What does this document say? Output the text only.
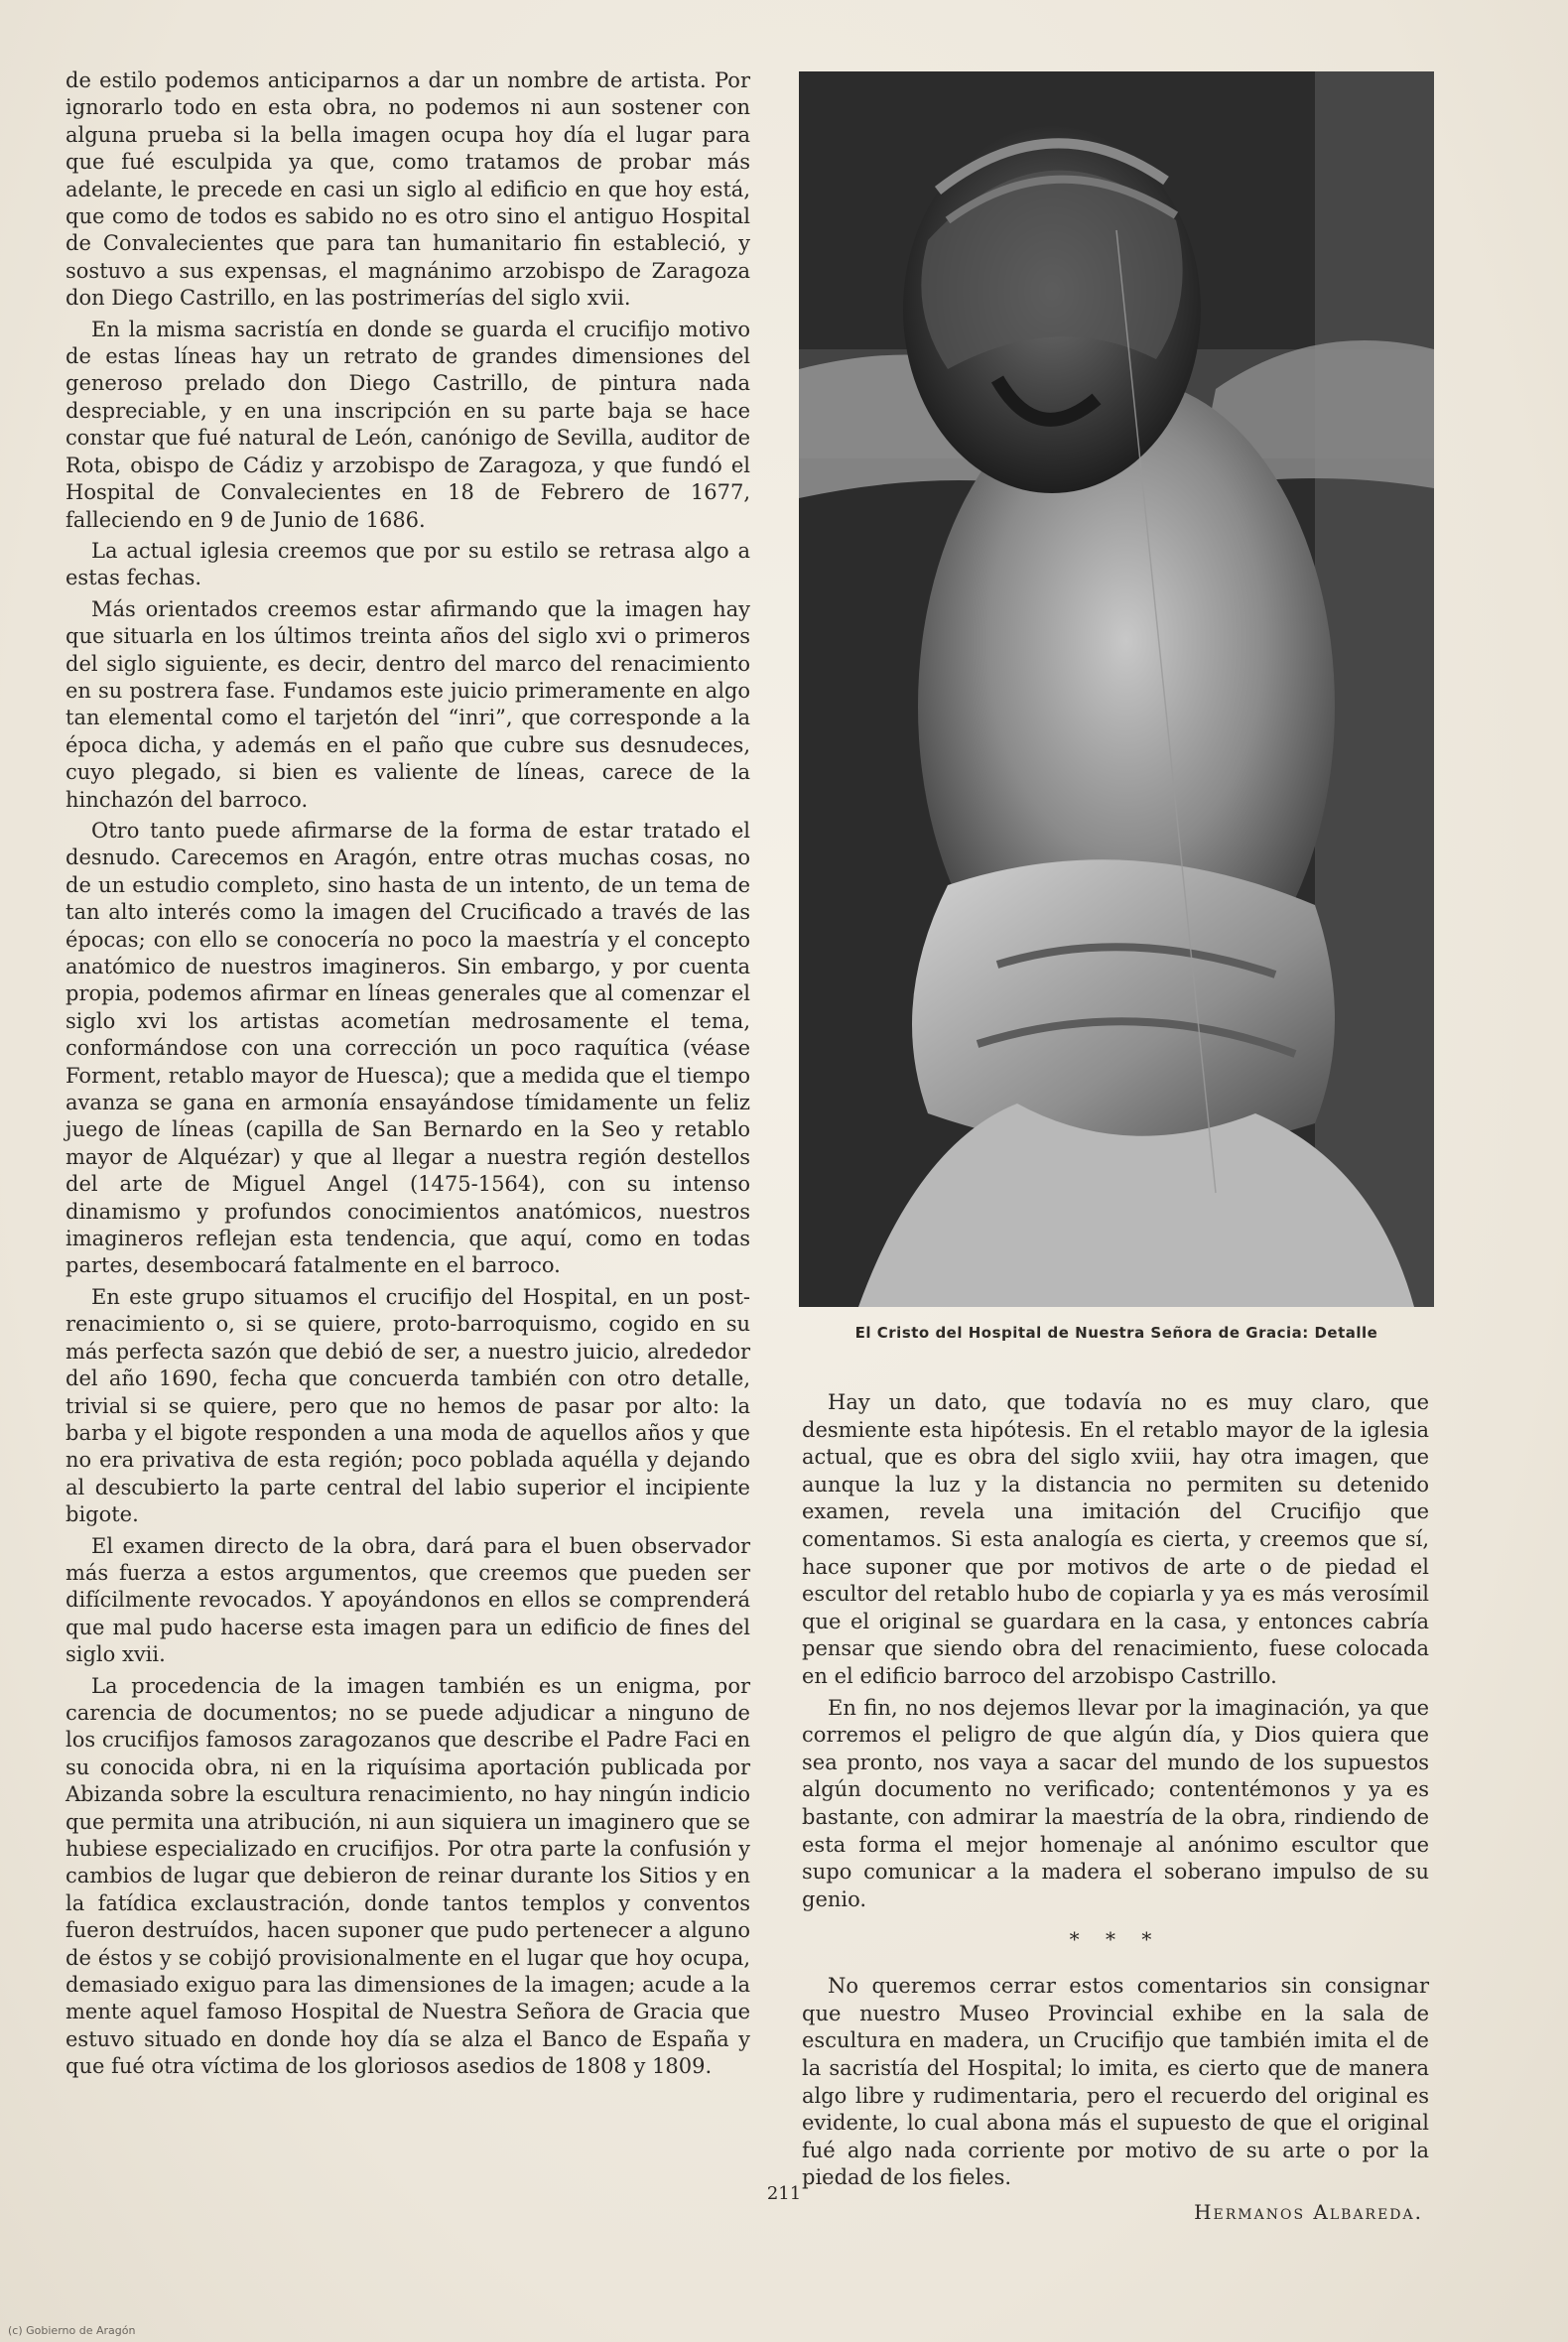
de estilo podemos anticiparnos a dar un nombre de artista. Por ignorarlo todo en esta obra, no podemos ni aun sostener con alguna prueba si la bella imagen ocupa hoy día el lugar para que fué esculpida ya que, como tratamos de probar más adelante, le precede en casi un siglo al edificio en que hoy está, que como de todos es sabido no es otro sino el antiguo Hospital de Convalecientes que para tan humanitario fin estableció, y sostuvo a sus expensas, el magnánimo arzobispo de Zaragoza don Diego Castrillo, en las postrimerías del siglo xvii.

En la misma sacristía en donde se guarda el crucifijo motivo de estas líneas hay un retrato de grandes dimensiones del generoso prelado don Diego Castrillo, de pintura nada despreciable, y en una inscripción en su parte baja se hace constar que fué natural de León, canónigo de Sevilla, auditor de Rota, obispo de Cádiz y arzobispo de Zaragoza, y que fundó el Hospital de Convalecientes en 18 de Febrero de 1677, falleciendo en 9 de Junio de 1686.

La actual iglesia creemos que por su estilo se retrasa algo a estas fechas.

Más orientados creemos estar afirmando que la imagen hay que situarla en los últimos treinta años del siglo xvi o primeros del siglo siguiente, es decir, dentro del marco del renacimiento en su postrera fase. Fundamos este juicio primeramente en algo tan elemental como el tarjetón del “inri”, que corresponde a la época dicha, y además en el paño que cubre sus desnudeces, cuyo plegado, si bien es valiente de líneas, carece de la hinchazón del barroco.

Otro tanto puede afirmarse de la forma de estar tratado el desnudo. Carecemos en Aragón, entre otras muchas cosas, no de un estudio completo, sino hasta de un intento, de un tema de tan alto interés como la imagen del Crucificado a través de las épocas; con ello se conocería no poco la maestría y el concepto anatómico de nuestros imagineros. Sin embargo, y por cuenta propia, podemos afirmar en líneas generales que al comenzar el siglo xvi los artistas acometían medrosamente el tema, conformándose con una corrección un poco raquítica (véase Forment, retablo mayor de Huesca); que a medida que el tiempo avanza se gana en armonía ensayándose tímidamente un feliz juego de líneas (capilla de San Bernardo en la Seo y retablo mayor de Alquézar) y que al llegar a nuestra región destellos del arte de Miguel Angel (1475-1564), con su intenso dinamismo y profundos conocimientos anatómicos, nuestros imagineros reflejan esta tendencia, que aquí, como en todas partes, desembocará fatalmente en el barroco.

En este grupo situamos el crucifijo del Hospital, en un post-renacimiento o, si se quiere, proto-barroquismo, cogido en su más perfecta sazón que debió de ser, a nuestro juicio, alrededor del año 1690, fecha que concuerda también con otro detalle, trivial si se quiere, pero que no hemos de pasar por alto: la barba y el bigote responden a una moda de aquellos años y que no era privativa de esta región; poco poblada aquélla y dejando al descubierto la parte central del labio superior el incipiente bigote.

El examen directo de la obra, dará para el buen observador más fuerza a estos argumentos, que creemos que pueden ser difícilmente revocados. Y apoyándonos en ellos se comprenderá que mal pudo hacerse esta imagen para un edificio de fines del siglo xvii.

La procedencia de la imagen también es un enigma, por carencia de documentos; no se puede adjudicar a ninguno de los crucifijos famosos zaragozanos que describe el Padre Faci en su conocida obra, ni en la riquísima aportación publicada por Abizanda sobre la escultura renacimiento, no hay ningún indicio que permita una atribución, ni aun siquiera un imaginero que se hubiese especializado en crucifijos. Por otra parte la confusión y cambios de lugar que debieron de reinar durante los Sitios y en la fatídica exclaustración, donde tantos templos y conventos fueron destruídos, hacen suponer que pudo pertenecer a alguno de éstos y se cobijó provisionalmente en el lugar que hoy ocupa, demasiado exiguo para las dimensiones de la imagen; acude a la mente aquel famoso Hospital de Nuestra Señora de Gracia que estuvo situado en donde hoy día se alza el Banco de España y que fué otra víctima de los gloriosos asedios de 1808 y 1809.

El Cristo del Hospital de Nuestra Señora de Gracia: Detalle

Hay un dato, que todavía no es muy claro, que desmiente esta hipótesis. En el retablo mayor de la iglesia actual, que es obra del siglo xviii, hay otra imagen, que aunque la luz y la distancia no permiten su detenido examen, revela una imitación del Crucifijo que comentamos. Si esta analogía es cierta, y creemos que sí, hace suponer que por motivos de arte o de piedad el escultor del retablo hubo de copiarla y ya es más verosímil que el original se guardara en la casa, y entonces cabría pensar que siendo obra del renacimiento, fuese colocada en el edificio barroco del arzobispo Castrillo.

En fin, no nos dejemos llevar por la imaginación, ya que corremos el peligro de que algún día, y Dios quiera que sea pronto, nos vaya a sacar del mundo de los supuestos algún documento no verificado; contentémonos y ya es bastante, con admirar la maestría de la obra, rindiendo de esta forma el mejor homenaje al anónimo escultor que supo comunicar a la madera el soberano impulso de su genio.

* * *

No queremos cerrar estos comentarios sin consignar que nuestro Museo Provincial exhibe en la sala de escultura en madera, un Crucifijo que también imita el de la sacristía del Hospital; lo imita, es cierto que de manera algo libre y rudimentaria, pero el recuerdo del original es evidente, lo cual abona más el supuesto de que el original fué algo nada corriente por motivo de su arte o por la piedad de los fieles.

Hermanos Albareda.
211
(c) Gobierno de Aragón
